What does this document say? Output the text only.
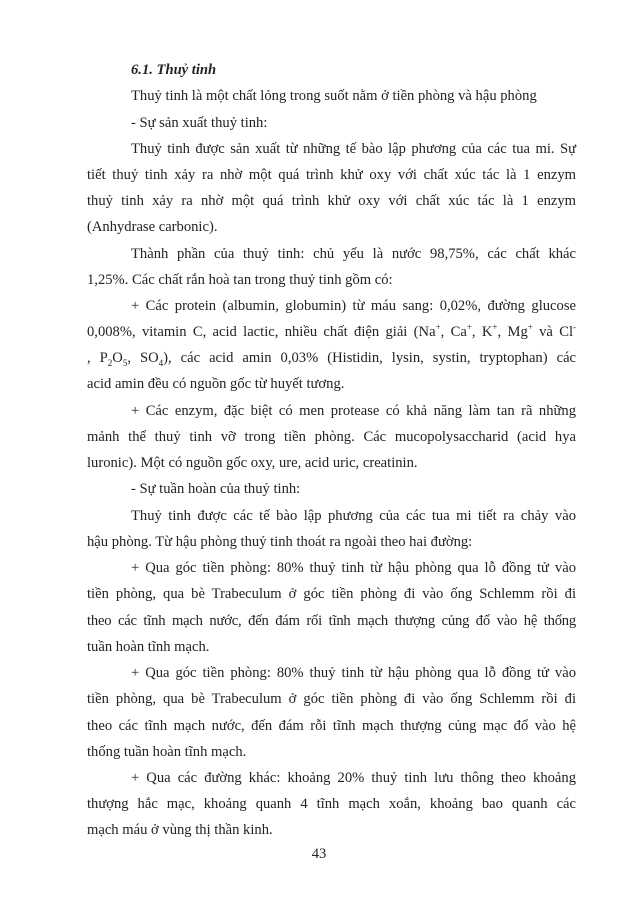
6.1. Thuỷ tinh
Thuỷ tinh là một chất lỏng trong suốt nằm ở tiền phòng và hậu phòng
- Sự sản xuất thuỷ tinh:
Thuỷ tinh được sản xuất từ những tế bào lập phương của các tua mi. Sự
tiết thuỷ tinh xảy ra nhờ một quá trình khử oxy với chất xúc tác là 1 enzym
thuỷ tinh xảy ra nhờ một quá trình khử oxy với chất xúc tác là 1 enzym
(Anhydrase carbonic).
Thành phần của thuỷ tinh: chủ yếu là nước 98,75%, các chất khác
1,25%. Các chất rắn hoà tan trong thuỷ tinh gồm có:
+ Các protein (albumin, globumin) từ máu sang: 0,02%, đường glucose
0,008%, vitamin C, acid lactic, nhiều chất điện giải (Na+, Ca+, K+, Mg+ và Cl-
, $P_2O_5$, $SO_4$), các acid amin 0,03% (Histidin, lysin, systin, tryptophan) các
acid amin đều có nguồn gốc từ huyết tương.
+ Các enzym, đặc biệt có men protease có khả năng làm tan rã những
mảnh thể thuỷ tinh vỡ trong tiền phòng. Các mucopolysaccharid (acid hya
luronic). Một có nguồn gốc oxy, ure, acid uric, creatinin.
- Sự tuần hoàn của thuỷ tinh:
Thuỷ tinh được các tế bào lập phương của các tua mi tiết ra chảy vào
hậu phòng. Từ hậu phòng thuỷ tinh thoát ra ngoài theo hai đường:
+ Qua góc tiền phòng: 80% thuỷ tinh từ hậu phòng qua lỗ đồng tử vào
tiền phòng, qua bè Trabeculum ở góc tiền phòng đi vào ống Schlemm rồi đi
theo các tĩnh mạch nước, đến đám rối tĩnh mạch thượng củng đổ vào hệ thống
tuần hoàn tĩnh mạch.
+ Qua góc tiền phòng: 80% thuỷ tinh từ hậu phòng qua lỗ đồng tử vào
tiền phòng, qua bè Trabeculum ở góc tiền phòng đi vào ống Schlemm rồi đi
theo các tĩnh mạch nước, đến đám rỗi tĩnh mạch thượng củng mạc đổ vào hệ
thống tuần hoàn tĩnh mạch.
+ Qua các đường khác: khoảng 20% thuỷ tinh lưu thông theo khoảng
thượng hắc mạc, khoảng quanh 4 tĩnh mạch xoắn, khoảng bao quanh các
mạch máu ở vùng thị thần kinh.
43
